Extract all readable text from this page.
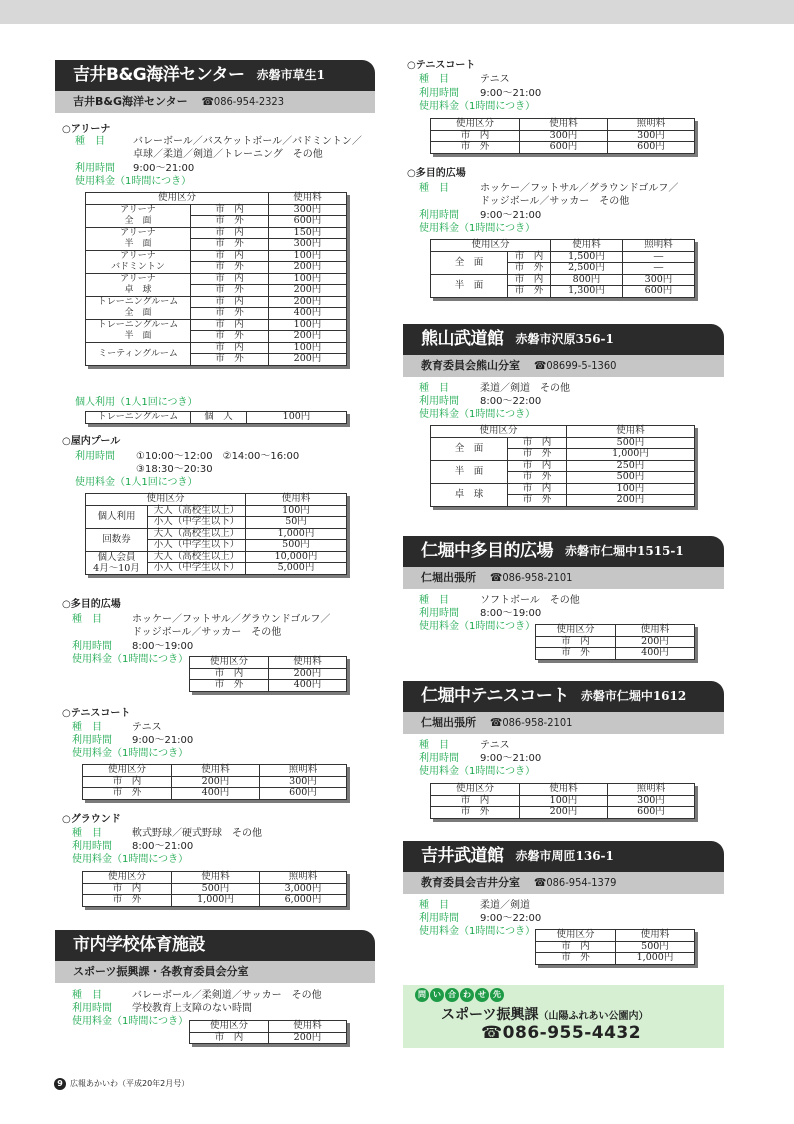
吉井B&G海洋センター 赤磐市草生1
吉井B&G海洋センター ☎086-954-2323
○アリーナ
種　目	バレーボール／バスケットボール／バドミントン／
卓球／柔道／剣道／トレーニング　その他
利用時間 9:00～21:00
使用料金（1時間につき）
使用区分		使用料
アリーナ
全　面	市　内	300円
	市　外	600円
アリーナ
半　面	市　内	150円
	市　外	300円
アリーナ
バドミントン	市　内	100円
	市　外	200円
アリーナ
卓　球	市　内	100円
	市　外	200円
トレーニングルーム
全　面	市　内	200円
	市　外	400円
トレーニングルーム
半　面	市　内	100円
	市　外	200円
ミーティングルーム	市　内	100円
	市　外	200円
個人利用（1人1回につき）
トレーニングルーム	個　人	100円
○屋内プール
利用時間 ①10:00～12:00　②14:00～16:00
③18:30～20:30
使用料金（1人1回につき）
使用区分		使用料
個人利用	大人（高校生以上）	100円
	小人（中学生以下）	50円
回数券	大人（高校生以上）	1,000円
	小人（中学生以下）	500円
個人会員
4月～10月	大人（高校生以上）	10,000円
	小人（中学生以下）	5,000円
○多目的広場
種　目	ホッケー／フットサル／グラウンドゴルフ／
ドッジボール／サッカー　その他
利用時間 8:00～19:00
使用料金（1時間につき） 使用区分	使用料
市　内	200円
市　外	400円
○テニスコート
種　目	テニス
利用時間 9:00～21:00
使用料金（1時間につき）
使用区分	使用料	照明料
市　内	200円	300円
市　外	400円	600円
○グラウンド
種　目	軟式野球／硬式野球　その他
利用時間 8:00～21:00
使用料金（1時間につき）
使用区分	使用料	照明料
市　内	500円	3,000円
市　外	1,000円	6,000円
市内学校体育施設
スポーツ振興課・各教育委員会分室
種　目	バレーボール／柔剣道／サッカー　その他
利用時間 学校教育上支障のない時間
使用料金（1時間につき） 使用区分	使用料
市　内	200円
○テニスコート
種　目	テニス
利用時間 9:00～21:00
使用料金（1時間につき）
使用区分	使用料	照明料
市　内	300円	300円
市　外	600円	600円
○多目的広場
種　目	ホッケー／フットサル／グラウンドゴルフ／
ドッジボール／サッカー　その他
利用時間 9:00～21:00
使用料金（1時間につき）
使用区分		使用料	照明料
全　面	市　内	1,500円	―
	市　外	2,500円	―
半　面	市　内	800円	300円
	市　外	1,300円	600円
熊山武道館 赤磐市沢原356-1
教育委員会熊山分室 ☎08699-5-1360
種　目	柔道／剣道　その他
利用時間 8:00～22:00
使用料金（1時間につき）
使用区分		使用料
全　面	市　内	500円
	市　外	1,000円
半　面	市　内	250円
	市　外	500円
卓　球	市　内	100円
	市　外	200円
仁堀中多目的広場 赤磐市仁堀中1515-1
仁堀出張所 ☎086-958-2101
種　目	ソフトボール　その他
利用時間 8:00～19:00
使用料金（1時間につき） 使用区分	使用料
市　内	200円
市　外	400円
仁堀中テニスコート 赤磐市仁堀中1612
仁堀出張所 ☎086-958-2101
種　目	テニス
利用時間 9:00～21:00
使用料金（1時間につき）
使用区分	使用料	照明料
市　内	100円	300円
市　外	200円	600円
吉井武道館 赤磐市周匝136-1
教育委員会吉井分室 ☎086-954-1379
種　目	柔道／剣道
利用時間 9:00～22:00
使用料金（1時間につき） 使用区分	使用料
市　内	500円
市　外	1,000円
問 い 合 わ せ 先
スポーツ振興課（山陽ふれあい公園内）
☎086-955-4432
9 広報あかいわ（平成20年2月号）
